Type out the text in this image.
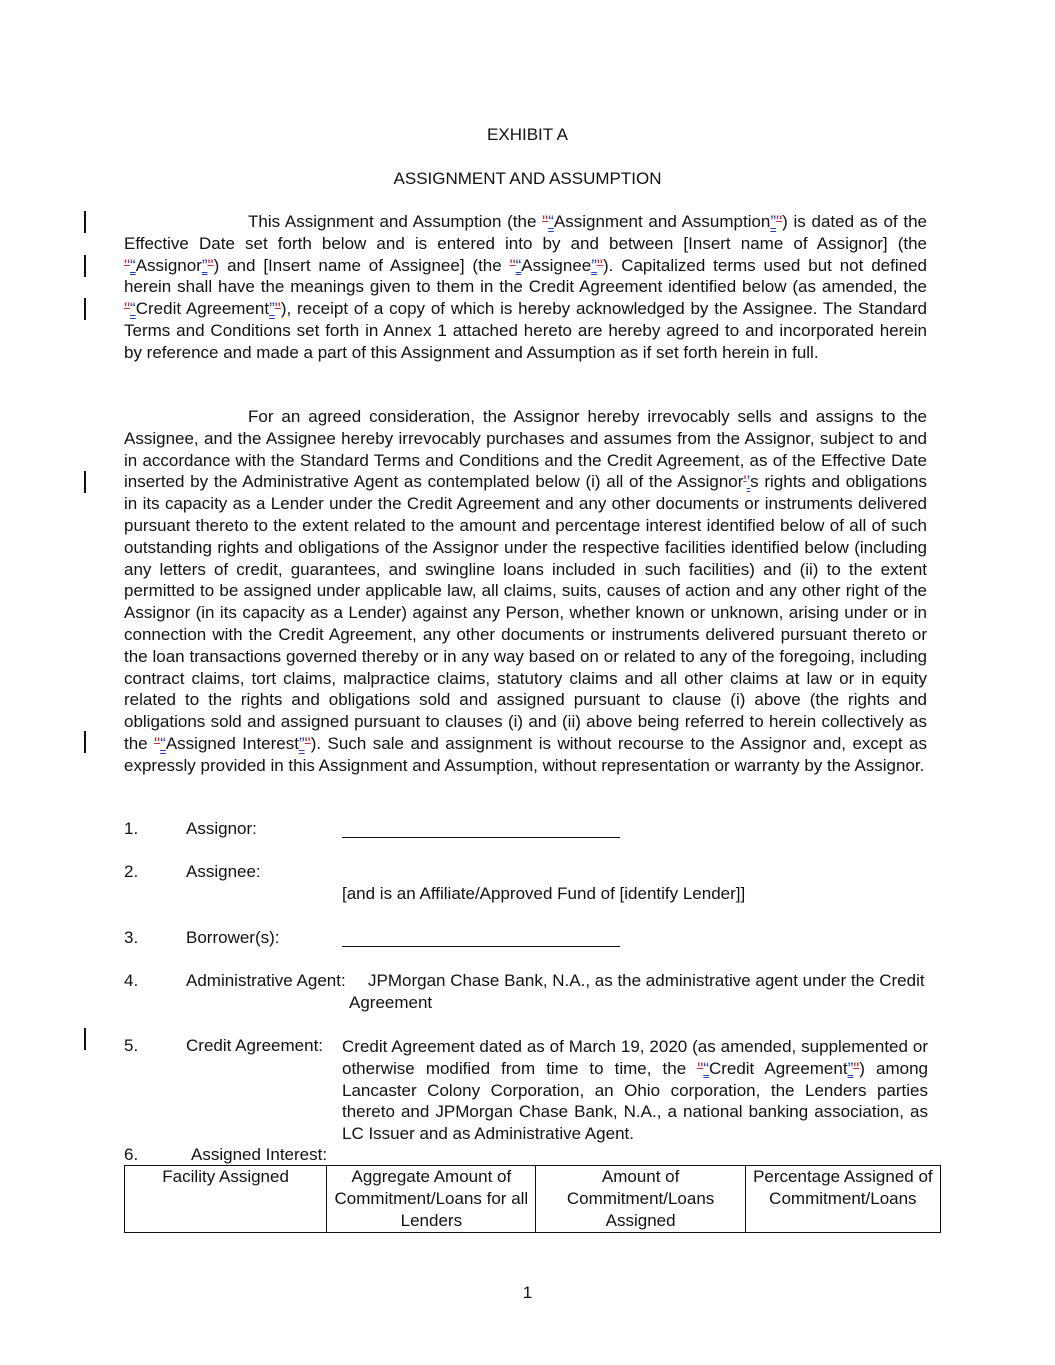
EXHIBIT A
ASSIGNMENT AND ASSUMPTION

This Assignment and Assumption (the "“Assignment and Assumption”") is dated as of the Effective Date set forth below and is entered into by and between [Insert name of Assignor] (the "“Assignor”") and [Insert name of Assignee] (the "“Assignee”"). Capitalized terms used but not defined herein shall have the meanings given to them in the Credit Agreement identified below (as amended, the "“Credit Agreement”"), receipt of a copy of which is hereby acknowledged by the Assignee. The Standard Terms and Conditions set forth in Annex 1 attached hereto are hereby agreed to and incorporated herein by reference and made a part of this Assignment and Assumption as if set forth herein in full.

For an agreed consideration, the Assignor hereby irrevocably sells and assigns to the Assignee, and the Assignee hereby irrevocably purchases and assumes from the Assignor, subject to and in accordance with the Standard Terms and Conditions and the Credit Agreement, as of the Effective Date inserted by the Administrative Agent as contemplated below (i) all of the Assignor'’s rights and obligations in its capacity as a Lender under the Credit Agreement and any other documents or instruments delivered pursuant thereto to the extent related to the amount and percentage interest identified below of all of such outstanding rights and obligations of the Assignor under the respective facilities identified below (including any letters of credit, guarantees, and swingline loans included in such facilities) and (ii) to the extent permitted to be assigned under applicable law, all claims, suits, causes of action and any other right of the Assignor (in its capacity as a Lender) against any Person, whether known or unknown, arising under or in connection with the Credit Agreement, any other documents or instruments delivered pursuant thereto or the loan transactions governed thereby or in any way based on or related to any of the foregoing, including contract claims, tort claims, malpractice claims, statutory claims and all other claims at law or in equity related to the rights and obligations sold and assigned pursuant to clause (i) above (the rights and obligations sold and assigned pursuant to clauses (i) and (ii) above being referred to herein collectively as the "“Assigned Interest”"). Such sale and assignment is without recourse to the Assignor and, except as expressly provided in this Assignment and Assumption, without representation or warranty by the Assignor.

1.	Assignor:
2.	Assignee:
[and is an Affiliate/Approved Fund of [identify Lender]]
3.	Borrower(s):
4.	Administrative Agent: JPMorgan Chase Bank, N.A., as the administrative agent under the Credit
Agreement
5.	Credit Agreement: Credit Agreement dated as of March 19, 2020 (as amended, supplemented or otherwise modified from time to time, the "“Credit Agreement”") among Lancaster Colony Corporation, an Ohio corporation, the Lenders parties thereto and JPMorgan Chase Bank, N.A., a national banking association, as LC Issuer and as Administrative Agent.
6.	Assigned Interest:
Facility Assigned	Aggregate Amount of Commitment/Loans for all Lenders	Amount of Commitment/Loans Assigned	Percentage Assigned of Commitment/Loans
1
